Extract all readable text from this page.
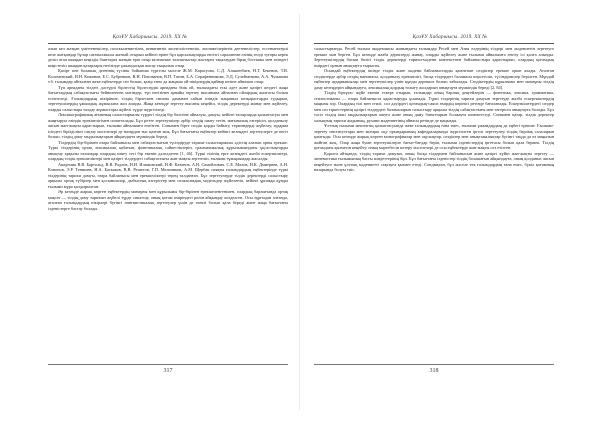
ҚазҰУ Хабаршысы. 2019. ХХ №

алып кел жатқан үміттенешілер, поэскылениетілек, иннатинтік лиснеллістенелік, лиснактілерінтік деетенелістер, ессенмехтерлі келе жатқандар бұлар сағатылжылы жатпай отырып кейінгі өріне бұл қарсылықтарды негізгі сараланған өзінің төлді туғары керек деліп атап шыққан кеңіздік баяттарға жатқан еріп отыр келешекке талпыныстар жастарға тақалаудан бірақ бостымы мен өзіндегі кеңістеліп шыққан қатарлары негізінде ұжымдасқан жасау тыңылып отыр.

Қазірт пен болашақ дегеннің түсінік бойынша түргелы мәселе Ж.М. Карасуова, С.Д. Алыкенбаев, Н.Т. Бекенов, Т.В. Коломенский, И.Н. Кожанов, Е.С. Бубренков, В.Н. Попованов, В.П. Татин, Б.А. Серафенникова, Э.Д. Сулейменова, А.А. Чумакова т.б. ғалымдар айтылған жеке еңбектерде сөз болып, қазір тағы да жаңаша ой-пікірлердің қайнар көзіне айналып отыр.

Түп арнадағы тілдегі дәстүрлі бірлестің бірлесердік арнадағы биік ой, ғылымдағы ескі әдет және қазіргі кездегі жаңа бағыттардың сабақтастығы бейнеленген мәтіндер, түп негізінен арнайы зерттеу нысанына айналған ойлардың жалғасы болып есептеледі. Ғалымдардың пікірінше, тілдің бірлескен сипаты дамыған сайын өзіндік жаңашыл көзқарастарды тудырып, зерттеушілердің ұжымдық жұмысына жол ашады. Жаңа кезеңде зерттеу нысаны кеңейіп, тілдік деректерді жинау мен жүйелеу, оларды салыстыра талдау жұмыстары жүйелі түрде жүргізіледі.

Лексикографиялық ағымның салыстырмалы түрдегі тілдің бір бөлігіне айналуы, дамуы, кейінгі ғасырларда қалыптасуы мен жаңғыруы өзіндік ерекшелігімен сипатталады. Бұл ретте зерттеушілер әрбір сөздің шығу тегін, мағыналық өзгерісін, қолданылу аясын жан-жақты қарастырып, ғылыми айналымға енгізген. Сонымен бірге сөздік қорды байыту, терминдерді жүйелеу, аударма ісіндегі бірізділікті сақтау мәселелері де назардан тыс қалған жоқ. Бұл бағыттағы еңбектер кейінгі кезеңдегі зерттеулерге де негіз болып, тілдің даму заңдылықтарын айқындауға мүмкіндік береді.

Тілдердің бір-бірімен өзара байланысы мен сабақтастығын түсіндіруде тарихи-салыстырмалы әдістің алатын орны ерекше. Түркі тілдерінің ортақ лексикалық қабатын, фонетикалық сәйкестіктерін, грамматикалық құрылымындағы ұқсастықтарды анықтау арқылы ғалымдар олардың шығу тегі бір екенін дәлелдеген [1, 46]. Түркі тілінің ерте кезеңдегі жазба ескерткіштері, олардың тілдік ерекшеліктері мен қазіргі тілдердегі сабақтастығы жан-жақты зерттеліп, ғылыми тұжырымдар жасалды.

Академик В.В. Бартольд, В.В. Радлов, Н.И. Ильминский, Н.Ф. Катанов, А.Н. Самойлович, С.Е. Малов, Н.К. Дмитриев, А.Н. Кононов, Э.Р. Тенишев, Н.А. Баскаков, В.В. Решетов, Г.П. Мельников, А.М. Щербак сияқты ғалымдардың еңбектерінде түркі тілдерінің тарихи дамуы, өзара байланысы мен ерекшеліктері терең талданған. Бұл зерттеулерде тілдік деректерді салыстыру арқылы ортақ түбірлер мен қосымшалар, дыбыстық өзгерістер мен сөзжасамдық модельдер жүйеленіп, кейінгі ұрпаққа құнды ғылыми мұра қалдырылған.

Әр кезеңде жарық көрген еңбектердің мазмұны мен құрылымы бір-бірінен ерекшеленгенімен, олардың барлығында ортақ мақсат — тілдің даму тарихын жүйелі түрде сипаттау, оның қоғам өміріндегі рөлін айқындау көзделген. Осы тұрғыдан алғанда, аталған ғалымдардың пікірлері бүгінгі лингвистикалық зерттеулер үшін де өзекті болып қала береді және жаңа бағыттағы ізденістерге бастау болады.

317
ҚазҰУ Хабаршысы. 2019. ХХ №

салыстырғанда. Ресей ғылым академиясы жанындағы ғалымдар Ресей мен Азия елдерінің тілдері мен мәдениетін зерттеуге ерекше мән берген. Бұл кезеңде жазба деректерді жинау, оларды жүйелеу және ғылыми айналымға енгізу ісі қолға алынды. Зерттеушілердің басым бөлігі тілдік деректерді тарихи-мәдени контекстпен байланыстыра қарастырып, олардың қоғамдық өмірдегі орнын анықтауға тырысты.

Осындай еңбектердің ішінде тілдік және мәдени байланыстарды қамтитын сөздіктер ерекше орын алады. Аталған сөздіктерде әрбір сөздің мағынасы, қолданылу ерекшелігі, басқа тілдердегі баламасы көрсетіліп, түсіндірмелер берілген. Мұндай еңбектер аудармашылар мен зерттеушілер үшін құнды дереккөз болып табылады. Сөздіктердің құрылымы мен мазмұны тілдің даму кезеңдерін айқындауға, лексикалық қордың толығу жолдарын анықтауға мүмкіндік береді [2, 84].

Тілдің біртұтас жүйе екенін ескере отырып, ғалымдар оның барлық деңгейлерін — фонетика, лексика, грамматика, стилистиканы — өзара байланыста қарастыруды ұсынады. Түркі тілдерінің тарихи дамуын зерттеуде жазба ескерткіштердің маңызы зор. Олардың тілі мен стилі, сол дәуірдегі қоғамдық-саяси өмірдің көрінісі ретінде бағаланады. Ескерткіштердегі сөздер мен сөз тіркестерінің қазіргі тілдердегі баламаларын салыстыру арқылы тілдің сабақтастығы мен өзгерісін анықтауға болады. Бұл тәсіл тілдің ішкі заңдылықтарын ашуға және оның даму бағыттарын болжауға көмектеседі. Сонымен қатар, тілдік деректер халықтың тарихи жадының, рухани мәдениетінің айнасы ретінде де маңызды.

Ұлттық ғылыми мектептің қалыптасуында жеке ғалымдардың ғана емес, ғылыми ұжымдардың да еңбегі ерекше. Ғылыми-зерттеу институттары мен жоғары оқу орындарының кафедраларында жүргізілген іргелі зерттеулер тілдің барлық салаларын қамтыды. Осы кезеңде жарық көрген монографиялар мен оқулықтар, сөздіктер мен анықтамалықтар бүгінгі таңда да өз маңызын жойған жоқ. Олар жаңа буын зерттеушілерге бағыт-бағдар беріп, ғылыми ізденістердің іргетасы болып қала бермек. Тілдің қоғамдағы қызметін кеңейту, оның мәртебесін көтеру мәселелері де осы еңбектерде жан-жақты сөз етілген.

Қорыта айтқанда, тілдің тарихи дамуын, оның басқа тілдермен байланысын және қазіргі күйін жан-жақты зерттеу — лингвистика ғылымының басты міндеттерінің бірі. Бұл бағыттағы ізденістер тілдің болашағын айқындауға, оның қолданыс аясын кеңейтуге және ұлттық мәдениетті сақтауға қызмет етеді. Сондықтан, бұл мәселе тек ғалымдардың ғана емес, бүкіл қоғамның назарында болуы тиіс.

318
